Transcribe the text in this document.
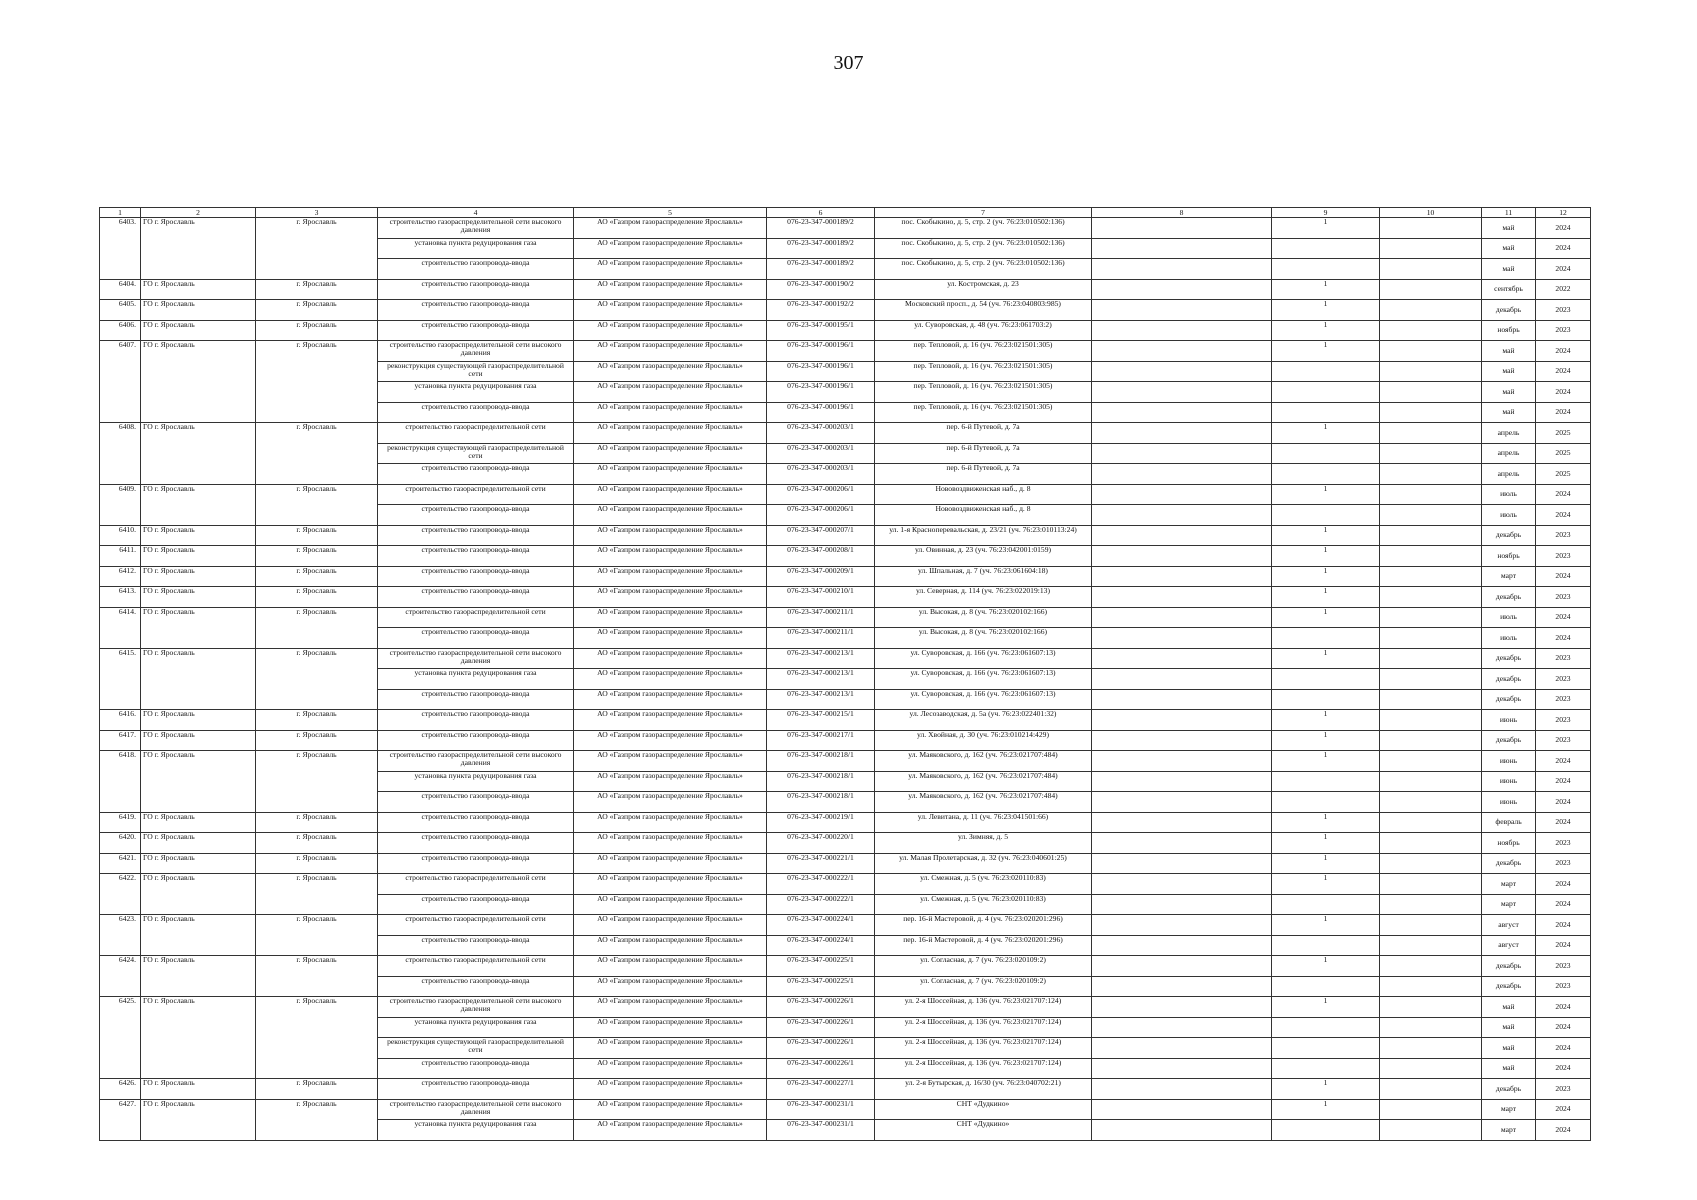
307
1	2	3	4	5	6	7	8	9	10	11	12
6403.	ГО г. Ярославль	г. Ярославль	строительство газораспределительной сети высокого давления	АО «Газпром газораспределение Ярославль»	076-23-347-000189/2	пос. Скобыкино, д. 5, стр. 2 (уч. 76:23:010502:136)		1		май	2024
			установка пункта редуцирования газа	АО «Газпром газораспределение Ярославль»	076-23-347-000189/2	пос. Скобыкино, д. 5, стр. 2 (уч. 76:23:010502:136)				май	2024
			строительство газопровода-ввода	АО «Газпром газораспределение Ярославль»	076-23-347-000189/2	пос. Скобыкино, д. 5, стр. 2 (уч. 76:23:010502:136)				май	2024
6404.	ГО г. Ярославль	г. Ярославль	строительство газопровода-ввода	АО «Газпром газораспределение Ярославль»	076-23-347-000190/2	ул. Костромская, д. 23		1		сентябрь	2022
6405.	ГО г. Ярославль	г. Ярославль	строительство газопровода-ввода	АО «Газпром газораспределение Ярославль»	076-23-347-000192/2	Московский просп., д. 54 (уч. 76:23:040803:985)		1		декабрь	2023
6406.	ГО г. Ярославль	г. Ярославль	строительство газопровода-ввода	АО «Газпром газораспределение Ярославль»	076-23-347-000195/1	ул. Суворовская, д. 48 (уч. 76:23:061703:2)		1		ноябрь	2023
6407.	ГО г. Ярославль	г. Ярославль	строительство газораспределительной сети высокого давления	АО «Газпром газораспределение Ярославль»	076-23-347-000196/1	пер. Тепловой, д. 16 (уч. 76:23:021501:305)		1		май	2024
			реконструкция существующей газораспределительной сети	АО «Газпром газораспределение Ярославль»	076-23-347-000196/1	пер. Тепловой, д. 16 (уч. 76:23:021501:305)				май	2024
			установка пункта редуцирования газа	АО «Газпром газораспределение Ярославль»	076-23-347-000196/1	пер. Тепловой, д. 16 (уч. 76:23:021501:305)				май	2024
			строительство газопровода-ввода	АО «Газпром газораспределение Ярославль»	076-23-347-000196/1	пер. Тепловой, д. 16 (уч. 76:23:021501:305)				май	2024
6408.	ГО г. Ярославль	г. Ярославль	строительство газораспределительной сети	АО «Газпром газораспределение Ярославль»	076-23-347-000203/1	пер. 6-й Путевой, д. 7а		1		апрель	2025
			реконструкция существующей газораспределительной сети	АО «Газпром газораспределение Ярославль»	076-23-347-000203/1	пер. 6-й Путевой, д. 7а				апрель	2025
			строительство газопровода-ввода	АО «Газпром газораспределение Ярославль»	076-23-347-000203/1	пер. 6-й Путевой, д. 7а				апрель	2025
6409.	ГО г. Ярославль	г. Ярославль	строительство газораспределительной сети	АО «Газпром газораспределение Ярославль»	076-23-347-000206/1	Нововоздвиженская наб., д. 8		1		июль	2024
			строительство газопровода-ввода	АО «Газпром газораспределение Ярославль»	076-23-347-000206/1	Нововоздвиженская наб., д. 8				июль	2024
6410.	ГО г. Ярославль	г. Ярославль	строительство газопровода-ввода	АО «Газпром газораспределение Ярославль»	076-23-347-000207/1	ул. 1-я Красноперевальская, д. 23/21 (уч. 76:23:010113:24)		1		декабрь	2023
6411.	ГО г. Ярославль	г. Ярославль	строительство газопровода-ввода	АО «Газпром газораспределение Ярославль»	076-23-347-000208/1	ул. Овинная, д. 23 (уч. 76:23:042001:0159)		1		ноябрь	2023
6412.	ГО г. Ярославль	г. Ярославль	строительство газопровода-ввода	АО «Газпром газораспределение Ярославль»	076-23-347-000209/1	ул. Шпальная, д. 7 (уч. 76:23:061604:18)		1		март	2024
6413.	ГО г. Ярославль	г. Ярославль	строительство газопровода-ввода	АО «Газпром газораспределение Ярославль»	076-23-347-000210/1	ул. Северная, д. 114 (уч. 76:23:022019:13)		1		декабрь	2023
6414.	ГО г. Ярославль	г. Ярославль	строительство газораспределительной сети	АО «Газпром газораспределение Ярославль»	076-23-347-000211/1	ул. Высокая, д. 8 (уч. 76:23:020102:166)		1		июль	2024
			строительство газопровода-ввода	АО «Газпром газораспределение Ярославль»	076-23-347-000211/1	ул. Высокая, д. 8 (уч. 76:23:020102:166)				июль	2024
6415.	ГО г. Ярославль	г. Ярославль	строительство газораспределительной сети высокого давления	АО «Газпром газораспределение Ярославль»	076-23-347-000213/1	ул. Суворовская, д. 166 (уч. 76:23:061607:13)		1		декабрь	2023
			установка пункта редуцирования газа	АО «Газпром газораспределение Ярославль»	076-23-347-000213/1	ул. Суворовская, д. 166 (уч. 76:23:061607:13)				декабрь	2023
			строительство газопровода-ввода	АО «Газпром газораспределение Ярославль»	076-23-347-000213/1	ул. Суворовская, д. 166 (уч. 76:23:061607:13)				декабрь	2023
6416.	ГО г. Ярославль	г. Ярославль	строительство газопровода-ввода	АО «Газпром газораспределение Ярославль»	076-23-347-000215/1	ул. Лесозаводская, д. 5а (уч. 76:23:022401:32)		1		июнь	2023
6417.	ГО г. Ярославль	г. Ярославль	строительство газопровода-ввода	АО «Газпром газораспределение Ярославль»	076-23-347-000217/1	ул. Хвойная, д. 30 (уч. 76:23:010214:429)		1		декабрь	2023
6418.	ГО г. Ярославль	г. Ярославль	строительство газораспределительной сети высокого давления	АО «Газпром газораспределение Ярославль»	076-23-347-000218/1	ул. Маяковского, д. 162 (уч. 76:23:021707:484)		1		июнь	2024
			установка пункта редуцирования газа	АО «Газпром газораспределение Ярославль»	076-23-347-000218/1	ул. Маяковского, д. 162 (уч. 76:23:021707:484)				июнь	2024
			строительство газопровода-ввода	АО «Газпром газораспределение Ярославль»	076-23-347-000218/1	ул. Маяковского, д. 162 (уч. 76:23:021707:484)				июнь	2024
6419.	ГО г. Ярославль	г. Ярославль	строительство газопровода-ввода	АО «Газпром газораспределение Ярославль»	076-23-347-000219/1	ул. Левитана, д. 11 (уч. 76:23:041501:66)		1		февраль	2024
6420.	ГО г. Ярославль	г. Ярославль	строительство газопровода-ввода	АО «Газпром газораспределение Ярославль»	076-23-347-000220/1	ул. Зимняя, д. 5		1		ноябрь	2023
6421.	ГО г. Ярославль	г. Ярославль	строительство газопровода-ввода	АО «Газпром газораспределение Ярославль»	076-23-347-000221/1	ул. Малая Пролетарская, д. 32 (уч. 76:23:040601:25)		1		декабрь	2023
6422.	ГО г. Ярославль	г. Ярославль	строительство газораспределительной сети	АО «Газпром газораспределение Ярославль»	076-23-347-000222/1	ул. Смежная, д. 5 (уч. 76:23:020110:83)		1		март	2024
			строительство газопровода-ввода	АО «Газпром газораспределение Ярославль»	076-23-347-000222/1	ул. Смежная, д. 5 (уч. 76:23:020110:83)				март	2024
6423.	ГО г. Ярославль	г. Ярославль	строительство газораспределительной сети	АО «Газпром газораспределение Ярославль»	076-23-347-000224/1	пер. 16-й Мастеровой, д. 4 (уч. 76:23:020201:296)		1		август	2024
			строительство газопровода-ввода	АО «Газпром газораспределение Ярославль»	076-23-347-000224/1	пер. 16-й Мастеровой, д. 4 (уч. 76:23:020201:296)				август	2024
6424.	ГО г. Ярославль	г. Ярославль	строительство газораспределительной сети	АО «Газпром газораспределение Ярославль»	076-23-347-000225/1	ул. Согласная, д. 7 (уч. 76:23:020109:2)		1		декабрь	2023
			строительство газопровода-ввода	АО «Газпром газораспределение Ярославль»	076-23-347-000225/1	ул. Согласная, д. 7 (уч. 76:23:020109:2)				декабрь	2023
6425.	ГО г. Ярославль	г. Ярославль	строительство газораспределительной сети высокого давления	АО «Газпром газораспределение Ярославль»	076-23-347-000226/1	ул. 2-я Шоссейная, д. 136 (уч. 76:23:021707:124)		1		май	2024
			установка пункта редуцирования газа	АО «Газпром газораспределение Ярославль»	076-23-347-000226/1	ул. 2-я Шоссейная, д. 136 (уч. 76:23:021707:124)				май	2024
			реконструкция существующей газораспределительной сети	АО «Газпром газораспределение Ярославль»	076-23-347-000226/1	ул. 2-я Шоссейная, д. 136 (уч. 76:23:021707:124)				май	2024
			строительство газопровода-ввода	АО «Газпром газораспределение Ярославль»	076-23-347-000226/1	ул. 2-я Шоссейная, д. 136 (уч. 76:23:021707:124)				май	2024
6426.	ГО г. Ярославль	г. Ярославль	строительство газопровода-ввода	АО «Газпром газораспределение Ярославль»	076-23-347-000227/1	ул. 2-я Бутырская, д. 16/30 (уч. 76:23:040702:21)		1		декабрь	2023
6427.	ГО г. Ярославль	г. Ярославль	строительство газораспределительной сети высокого давления	АО «Газпром газораспределение Ярославль»	076-23-347-000231/1	СНТ «Дудкино»		1		март	2024
			установка пункта редуцирования газа	АО «Газпром газораспределение Ярославль»	076-23-347-000231/1	СНТ «Дудкино»				март	2024
